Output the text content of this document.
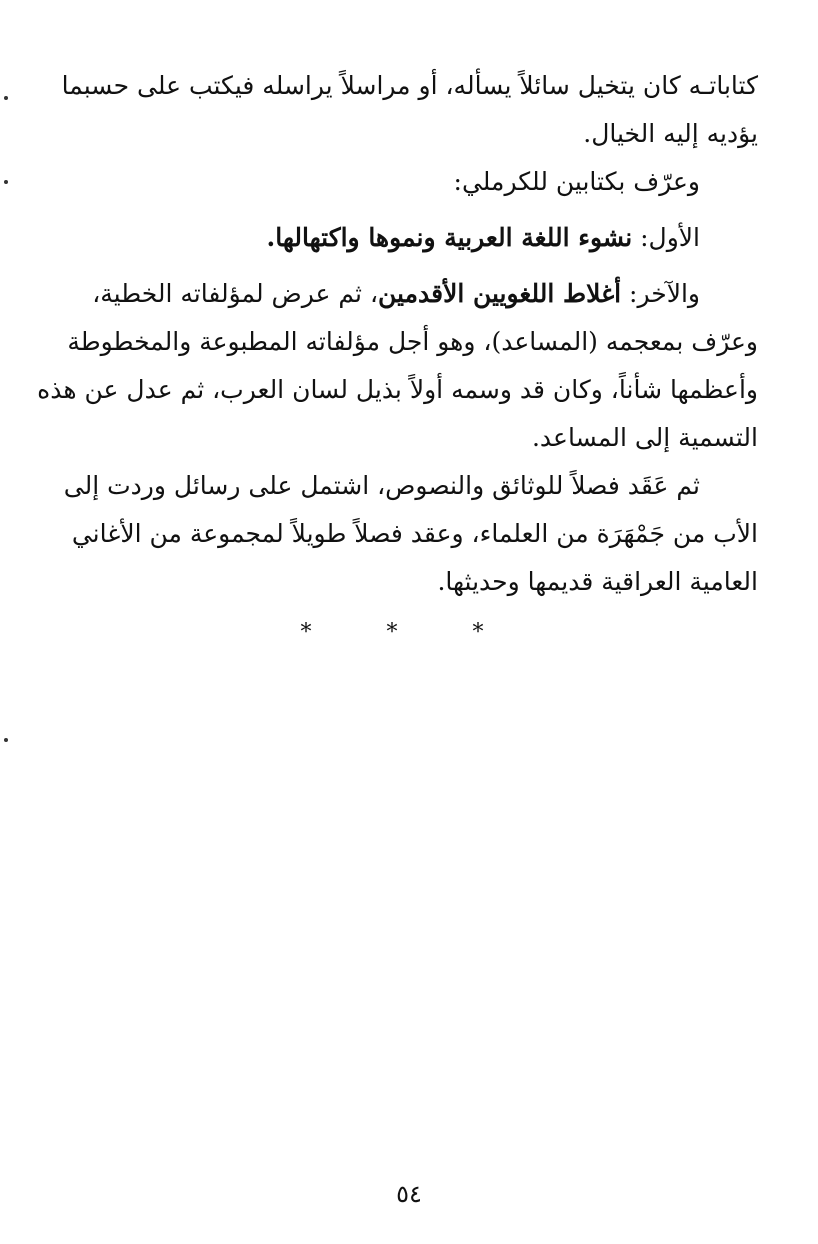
كتاباتـه كان يتخيل سائلاً يسأله، أو مراسلاً يراسله فيكتب على حسبما
يؤديه إليه الخيال.
وعرّف بكتابين للكرملي:
الأول: نشوء اللغة العربية ونموها واكتهالها.
والآخر: أغلاط اللغويين الأقدمين، ثم عرض لمؤلفاته الخطية،
وعرّف بمعجمه (المساعد)، وهو أجل مؤلفاته المطبوعة والمخطوطة
وأعظمها شأناً، وكان قد وسمه أولاً بذيل لسان العرب، ثم عدل عن هذه
التسمية إلى المساعد.
ثم عَقَد فصلاً للوثائق والنصوص، اشتمل على رسائل وردت إلى
الأب من جَمْهَرَة من العلماء، وعقد فصلاً طويلاً لمجموعة من الأغاني
العامية العراقية قديمها وحديثها.
* * *
٥٤
